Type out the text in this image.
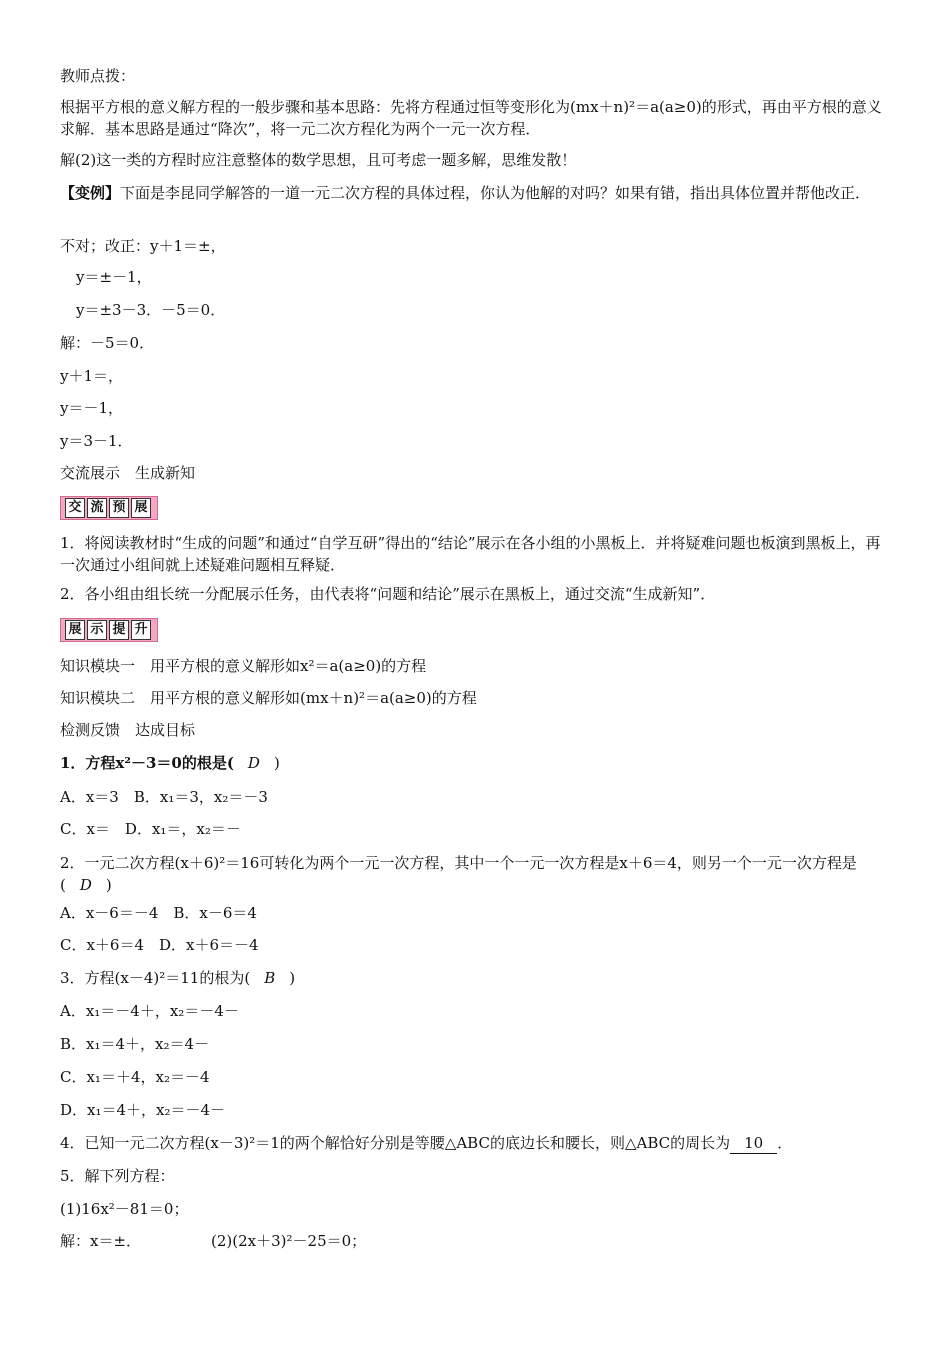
教师点拨：
根据平方根的意义解方程的一般步骤和基本思路：先将方程通过恒等变形化为(mx＋n)²＝a(a≥0)的形式，再由平方根的意义求解．基本思路是通过“降次”，将一元二次方程化为两个一元一次方程．
解(2)这一类的方程时应注意整体的数学思想，且可考虑一题多解，思维发散！
【变例】下面是李昆同学解答的一道一元二次方程的具体过程，你认为他解的对吗？如果有错，指出具体位置并帮他改正．
不对；改正：y＋1＝±，
y＝±－1，
y＝±3－3．－5＝0．
解：－5＝0．
y＋1＝，
y＝－1，
y＝3－1．
交流展示　生成新知
交 流 预 展
1．将阅读教材时“生成的问题”和通过“自学互研”得出的“结论”展示在各小组的小黑板上．并将疑难问题也板演到黑板上，再一次通过小组间就上述疑难问题相互释疑．
2．各小组由组长统一分配展示任务，由代表将“问题和结论”展示在黑板上，通过交流“生成新知”．
展 示 提 升
知识模块一　用平方根的意义解形如x²＝a(a≥0)的方程
知识模块二　用平方根的意义解形如(mx＋n)²＝a(a≥0)的方程
检测反馈　达成目标
1．方程x²－3＝0的根是( D )
A．x＝3　B．x₁＝3，x₂＝－3
C．x＝　D．x₁＝，x₂＝－
2．一元二次方程(x＋6)²＝16可转化为两个一元一次方程，其中一个一元一次方程是x＋6＝4，则另一个一元一次方程是( D )
A．x－6＝－4　B．x－6＝4
C．x＋6＝4　D．x＋6＝－4
3．方程(x－4)²＝11的根为( B )
A．x₁＝－4＋，x₂＝－4－
B．x₁＝4＋，x₂＝4－
C．x₁＝＋4，x₂＝－4
D．x₁＝4＋，x₂＝－4－
4．已知一元二次方程(x－3)²＝1的两个解恰好分别是等腰△ABC的底边长和腰长，则△ABC的周长为 10 ．
5．解下列方程：
(1)16x²－81＝0；
解：x＝±．	(2)(2x＋3)²－25＝0；
